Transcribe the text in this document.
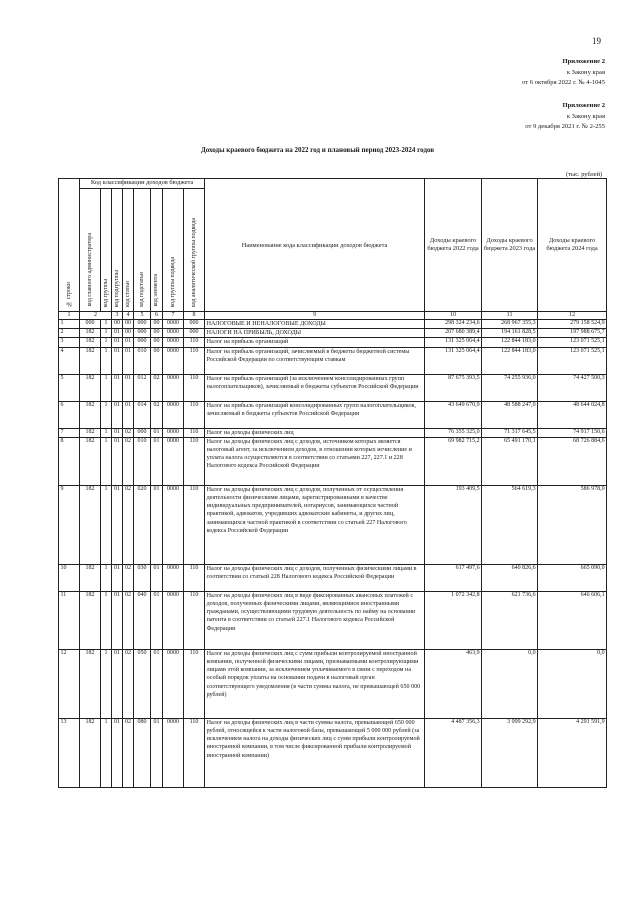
19
Приложение 2
к Закону края
от 6 октября 2022 г. № 4-1045
Приложение 2
к Закону края
от 9 декабря 2021 г. № 2-255
Доходы краевого бюджета на 2022 год и плановый период 2023-2024 годов
(тыс. рублей)
№ строки	Код классификации доходов бюджета								Наименование кода классификации доходов бюджета	Доходы краевого бюджета 2022 года	Доходы краевого бюджета 2023 года	Доходы краевого бюджета 2024 года
	код главного администратора	код группы	код подгруппы	код статьи	код подстатьи	код элемента	код группы подвида	код аналитической группы подвида				
1	2		3	4	5	6	7	8	9	10	11	12
1	000	1	00	00	000	00	0000	000	НАЛОГОВЫЕ И НЕНАЛОГОВЫЕ ДОХОДЫ	298 324 234,6	268 967 355,3	279 158 524,9
2	182	1	01	00	000	00	0000	000	НАЛОГИ НА ПРИБЫЛЬ, ДОХОДЫ	207 680 389,4	194 161 828,5	197 988 675,7
3	182	1	01	01	000	00	0000	110	Налог на прибыль организаций	131 325 064,4	122 844 183,0	123 071 525,1
4	182	1	01	01	010	00	0000	110	Налог на прибыль организаций, зачисляемый в бюджеты бюджетной системы Российской Федерации по соответствующим ставкам	131 325 064,4	122 844 183,0	123 071 525,1
5	182	1	01	01	012	02	0000	110	Налог на прибыль организаций (за исключением консолидированных групп налогоплательщиков), зачисляемый в бюджеты субъектов Российской Федерации	87 675 393,5	74 255 936,0	74 427 500,3
6	182	1	01	01	014	02	0000	110	Налог на прибыль организаций консолидированных групп налогоплательщиков, зачисляемый в бюджеты субъектов Российской Федерации	43 649 670,9	48 588 247,0	48 644 024,8
7	182	1	01	02	000	01	0000	110	Налог на доходы физических лиц	76 355 325,0	71 317 645,5	74 917 150,6
8	182	1	01	02	010	01	0000	110	Налог на доходы физических лиц с доходов, источником которых является налоговый агент, за исключением доходов, в отношении которых исчисление и уплата налога осуществляются в соответствии со статьями 227, 227.1 и 228 Налогового кодекса Российской Федерации	69 982 715,2	65 491 170,1	68 726 884,6
9	182	1	01	02	020	01	0000	110	Налог на доходы физических лиц с доходов, полученных от осуществления деятельности физическими лицами, зарегистрированными в качестве индивидуальных предпринимателей, нотариусов, занимающихся частной практикой, адвокатов, учредивших адвокатские кабинеты, и других лиц, занимающихся частной практикой в соответствии со статьей 227 Налогового кодекса Российской Федерации	193 409,5	564 619,3	586 978,0
10	182	1	01	02	030	01	0000	110	Налог на доходы физических лиц с доходов, полученных физическими лицами в соответствии со статьей 228 Налогового кодекса Российской Федерации	617 497,6	640 826,6	665 090,0
11	182	1	01	02	040	01	0000	110	Налог на доходы физических лиц в виде фиксированных авансовых платежей с доходов, полученных физическими лицами, являющимися иностранными гражданами, осуществляющими трудовую деятельность по найму на основании патента в соответствии со статьей 227.1 Налогового кодекса Российской Федерации	1 072 342,8	621 736,6	646 606,1
12	182	1	01	02	050	01	0000	110	Налог на доходы физических лиц с сумм прибыли контролируемой иностранной компании, полученной физическими лицами, признаваемыми контролирующими лицами этой компании, за исключением уплачиваемого в связи с переходом на особый порядок уплаты на основании подачи в налоговый орган соответствующего уведомления (в части суммы налога, не превышающей 650 000 рублей)	463,9	0,0	0,0
13	182	1	01	02	080	01	0000	110	Налог на доходы физических лиц в части суммы налога, превышающей 650 000 рублей, относящейся к части налоговой базы, превышающей 5 000 000 рублей (за исключением налога на доходы физических лиц с сумм прибыли контролируемой иностранной компании, в том числе фиксированной прибыли контролируемой иностранной компании)	4 487 356,3	3 999 292,9	4 291 591,9
